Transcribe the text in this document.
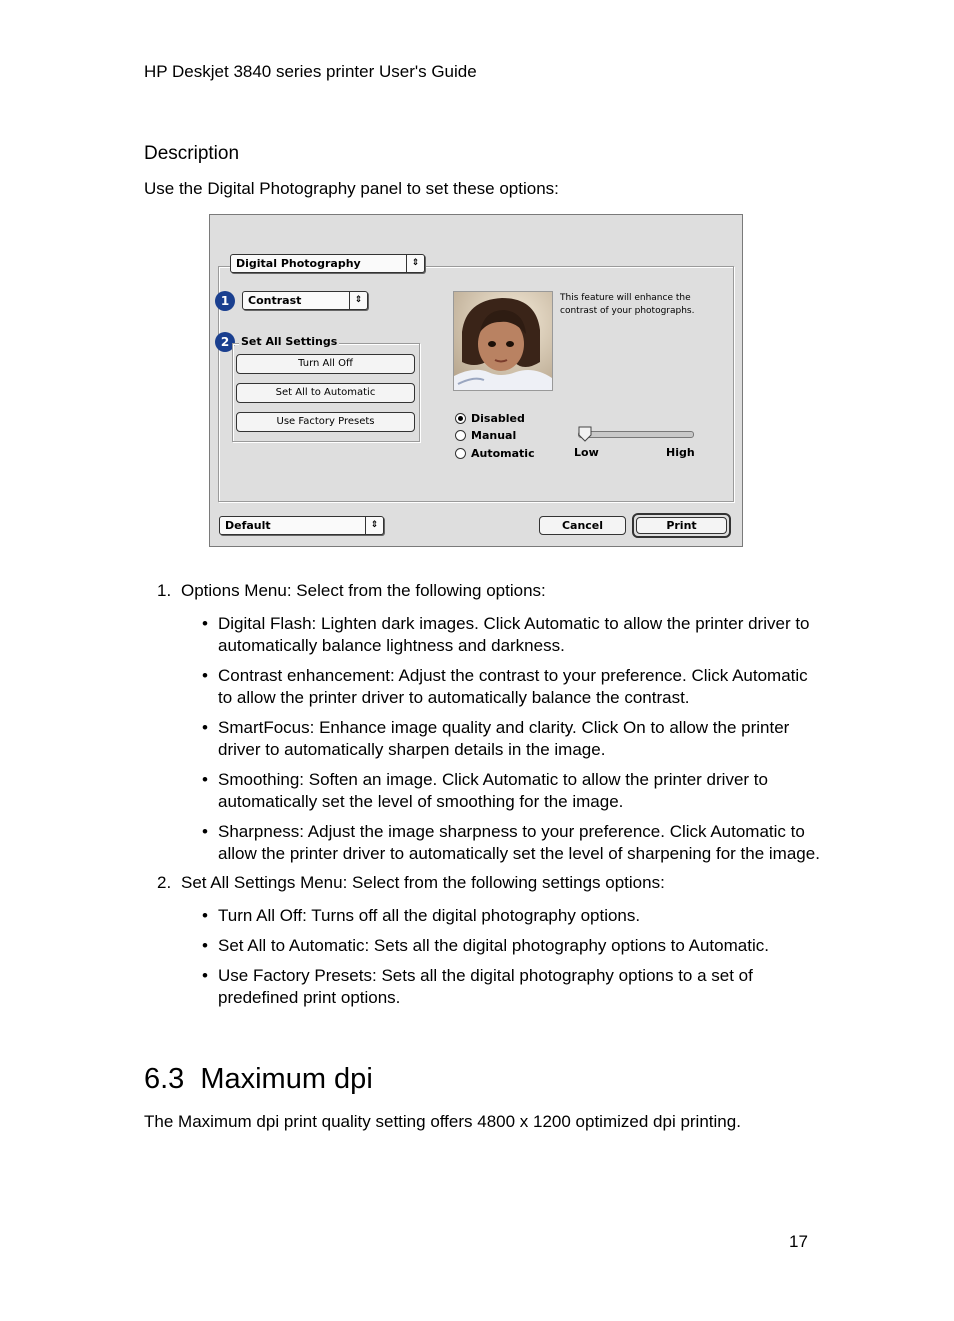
HP Deskjet 3840 series printer User's Guide
Description
Use the Digital Photography panel to set these options:
Digital Photography	⇕
1	Contrast	⇕
2	Set All Settings
Turn All Off
Set All to Automatic
Use Factory Presets
This feature will enhance the contrast of your photographs.
Disabled
Manual
Automatic	Low	High
Default	⇕	Cancel	Print
1. Options Menu: Select from the following options:
• Digital Flash: Lighten dark images. Click Automatic to allow the printer driver to automatically balance lightness and darkness.
• Contrast enhancement: Adjust the contrast to your preference. Click Automatic to allow the printer driver to automatically balance the contrast.
• SmartFocus: Enhance image quality and clarity. Click On to allow the printer driver to automatically sharpen details in the image.
• Smoothing: Soften an image. Click Automatic to allow the printer driver to automatically set the level of smoothing for the image.
• Sharpness: Adjust the image sharpness to your preference. Click Automatic to allow the printer driver to automatically set the level of sharpening for the image.
2. Set All Settings Menu: Select from the following settings options:
• Turn All Off: Turns off all the digital photography options.
• Set All to Automatic: Sets all the digital photography options to Automatic.
• Use Factory Presets: Sets all the digital photography options to a set of predefined print options.
6.3 Maximum dpi
The Maximum dpi print quality setting offers 4800 x 1200 optimized dpi printing.
17
